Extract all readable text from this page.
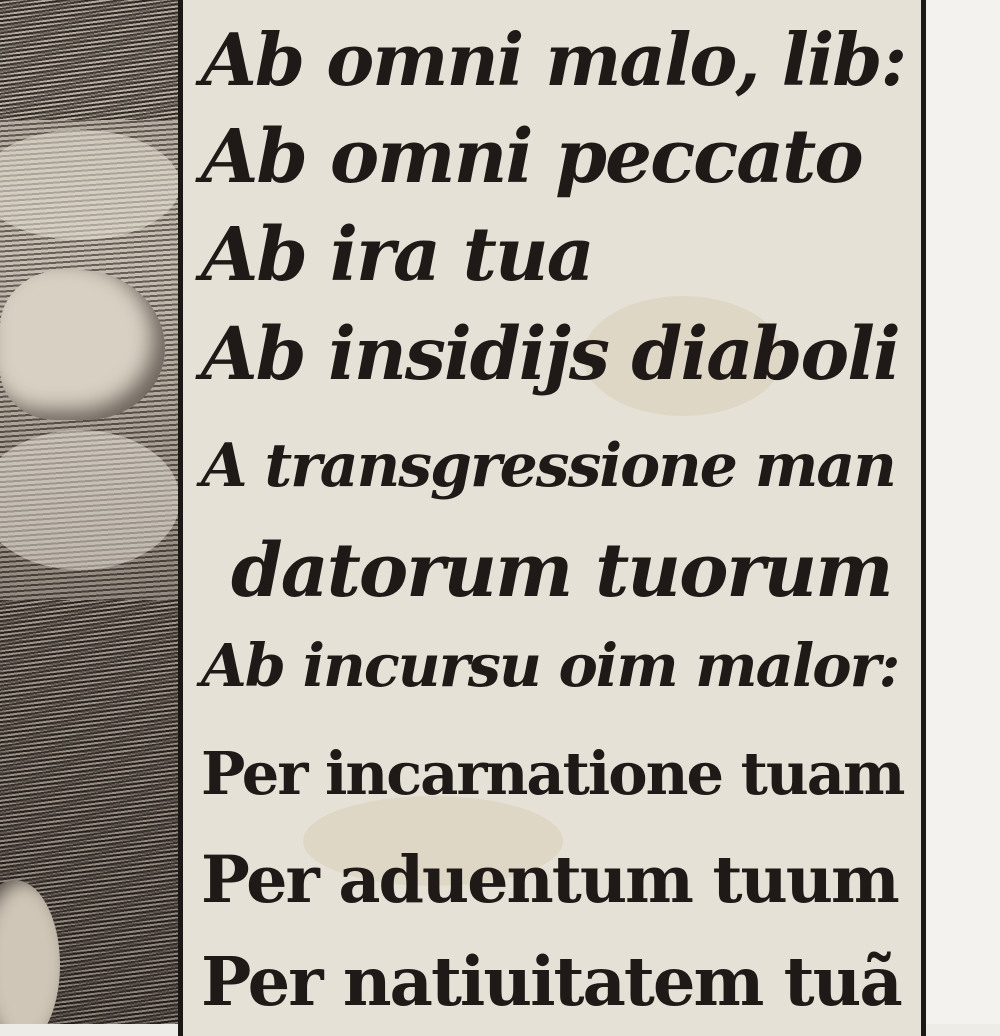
Ab omni malo, lib:

Ab omni peccato

Ab ira tua

Ab insidijs diaboli

A transgressione man

datorum tuorum

Ab incursu oim malor:

Per incarnatione tuam

Per aduentum tuum

Per natiuitatem tuã
